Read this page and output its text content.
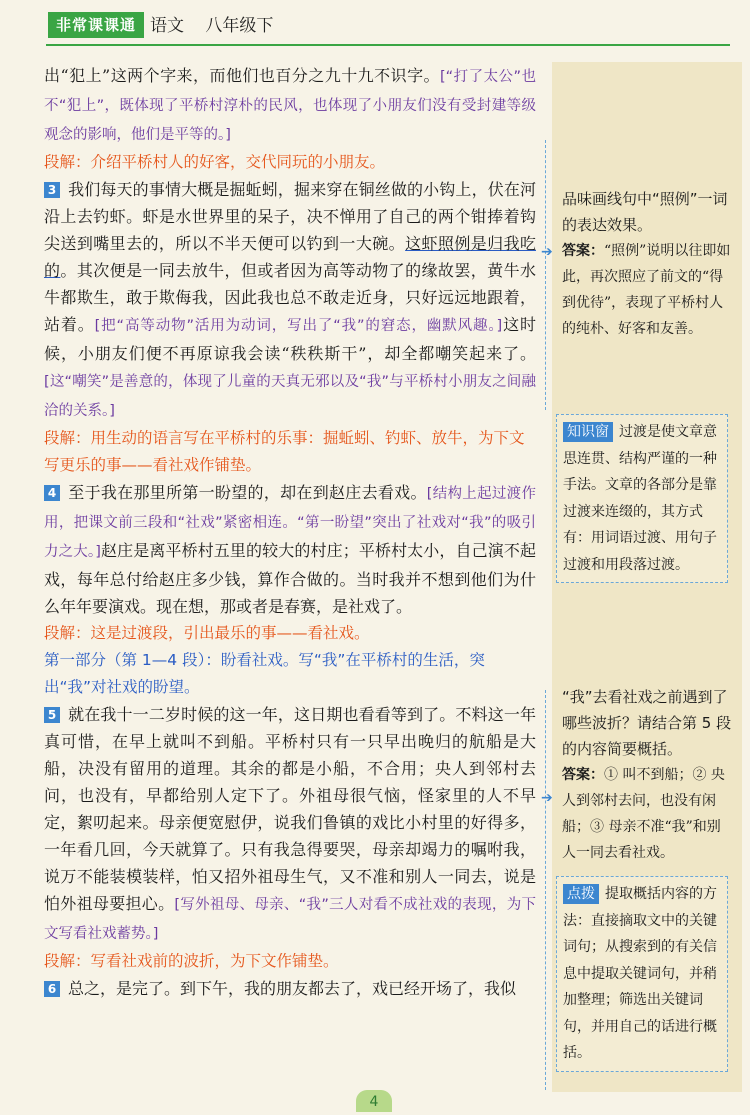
非常课课通 语文 八年级下

出“犯上”这两个字来，而他们也百分之九十九不识字。[“打了太公”也不“犯上”，既体现了平桥村淳朴的民风，也体现了小朋友们没有受封建等级观念的影响，他们是平等的。]

段解：介绍平桥村人的好客，交代同玩的小朋友。

3 我们每天的事情大概是掘蚯蚓，掘来穿在铜丝做的小钩上，伏在河沿上去钓虾。虾是水世界里的呆子，决不惮用了自己的两个钳捧着钩尖送到嘴里去的，所以不半天便可以钓到一大碗。这虾照例是归我吃的。其次便是一同去放牛，但或者因为高等动物了的缘故罢，黄牛水牛都欺生，敢于欺侮我，因此我也总不敢走近身，只好远远地跟着，站着。[把“高等动物”活用为动词，写出了“我”的窘态，幽默风趣。]这时候，小朋友们便不再原谅我会读“秩秩斯干”，却全都嘲笑起来了。[这“嘲笑”是善意的，体现了儿童的天真无邪以及“我”与平桥村小朋友之间融洽的关系。]

段解：用生动的语言写在平桥村的乐事：掘蚯蚓、钓虾、放牛，为下文写更乐的事——看社戏作铺垫。

4 至于我在那里所第一盼望的，却在到赵庄去看戏。[结构上起过渡作用，把课文前三段和“社戏”紧密相连。“第一盼望”突出了社戏对“我”的吸引力之大。]赵庄是离平桥村五里的较大的村庄；平桥村太小，自己演不起戏，每年总付给赵庄多少钱，算作合做的。当时我并不想到他们为什么年年要演戏。现在想，那或者是春赛，是社戏了。

段解：这是过渡段，引出最乐的事——看社戏。

第一部分（第 1—4 段）：盼看社戏。写“我”在平桥村的生活，突出“我”对社戏的盼望。

5 就在我十一二岁时候的这一年，这日期也看看等到了。不料这一年真可惜，在早上就叫不到船。平桥村只有一只早出晚归的航船是大船，决没有留用的道理。其余的都是小船，不合用；央人到邻村去问，也没有，早都给别人定下了。外祖母很气恼，怪家里的人不早定，絮叨起来。母亲便宽慰伊，说我们鲁镇的戏比小村里的好得多，一年看几回，今天就算了。只有我急得要哭，母亲却竭力的嘱咐我，说万不能装模装样，怕又招外祖母生气，又不准和别人一同去，说是怕外祖母要担心。[写外祖母、母亲、“我”三人对看不成社戏的表现，为下文写看社戏蓄势。]

段解：写看社戏前的波折，为下文作铺垫。

6 总之，是完了。到下午，我的朋友都去了，戏已经开场了，我似

➔
➔

品味画线句中“照例”一词的表达效果。

答案：“照例”说明以往即如此，再次照应了前文的“得到优待”，表现了平桥村人的纯朴、好客和友善。

知识窗 过渡是使文章意思连贯、结构严谨的一种手法。文章的各部分是靠过渡来连缀的，其方式有：用词语过渡、用句子过渡和用段落过渡。

“我”去看社戏之前遇到了哪些波折？请结合第 5 段的内容简要概括。

答案：① 叫不到船；② 央人到邻村去问，也没有闲船；③ 母亲不准“我”和别人一同去看社戏。

点拨 提取概括内容的方法：直接摘取文中的关键词句；从搜索到的有关信息中提取关键词句，并稍加整理；筛选出关键词句，并用自己的话进行概括。

4
